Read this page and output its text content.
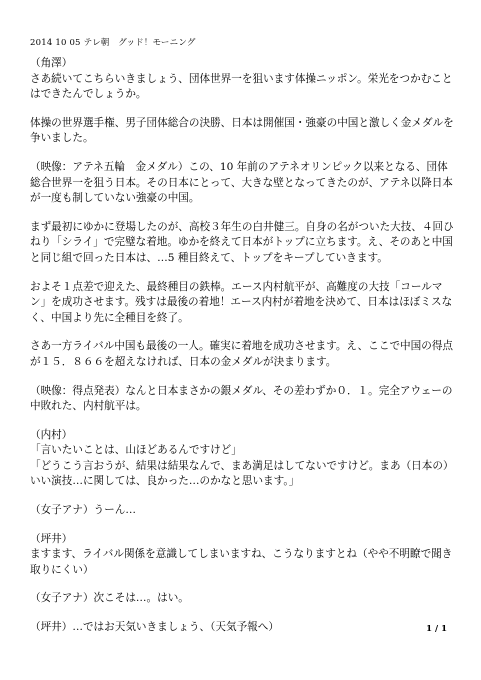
2014 10 05 テレ朝　グッド！モーニング

（角澤）
さあ続いてこちらいきましょう、団体世界一を狙います体操ニッポン。栄光をつかむことはできたんでしょうか。

体操の世界選手権、男子団体総合の決勝、日本は開催国・強豪の中国と激しく金メダルを争いました。

（映像：アテネ五輪　金メダル）この、10 年前のアテネオリンピック以来となる、団体総合世界一を狙う日本。その日本にとって、大きな壁となってきたのが、アテネ以降日本が一度も制していない強豪の中国。

まず最初にゆかに登場したのが、高校３年生の白井健三。自身の名がついた大技、４回ひねり「シライ」で完璧な着地。ゆかを終えて日本がトップに立ちます。え、そのあと中国と同じ組で回った日本は、…5 種目終えて、トップをキープしていきます。

およそ１点差で迎えた、最終種目の鉄棒。エース内村航平が、高難度の大技「コールマン」を成功させます。残すは最後の着地！エース内村が着地を決めて、日本はほぼミスなく、中国より先に全種目を終了。

さあ一方ライバル中国も最後の一人。確実に着地を成功させます。え、ここで中国の得点が１５．８６６を超えなければ、日本の金メダルが決まります。

（映像：得点発表）なんと日本まさかの銀メダル、その差わずか０．１。完全アウェーの中敗れた、内村航平は。

（内村）
「言いたいことは、山ほどあるんですけど」
「どうこう言おうが、結果は結果なんで、まあ満足はしてないですけど。まあ（日本の）いい演技…に関しては、良かった…のかなと思います。」

（女子アナ）うーん…

（坪井）
ますます、ライバル関係を意識してしまいますね、こうなりますとね（やや不明瞭で聞き取りにくい）

（女子アナ）次こそは…。はい。

（坪井）…ではお天気いきましょう、（天気予報へ）	1 / 1
